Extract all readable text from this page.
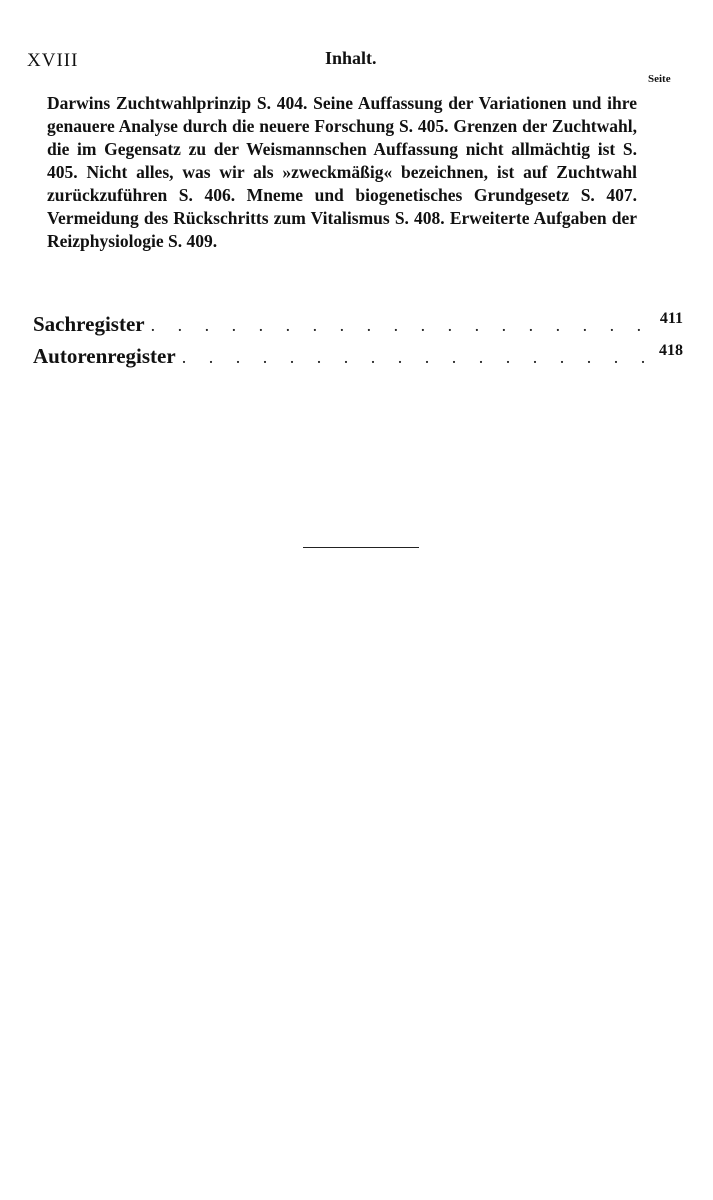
XVIII	Inhalt.
Seite

Darwins Zuchtwahlprinzip S. 404. Seine Auffassung der Variationen und ihre genauere Analyse durch die neuere Forschung S. 405. Grenzen der Zuchtwahl, die im Gegensatz zu der Weismannschen Auffassung nicht allmächtig ist S. 405. Nicht alles, was wir als »zweckmäßig« bezeichnen, ist auf Zuchtwahl zurückzuführen S. 406. Mneme und biogenetisches Grundgesetz S. 407. Vermeidung des Rückschritts zum Vitalismus S. 408. Erweiterte Aufgaben der Reizphysiologie S. 409.

Sachregister . . .	411
Autorenregister . . .	418
